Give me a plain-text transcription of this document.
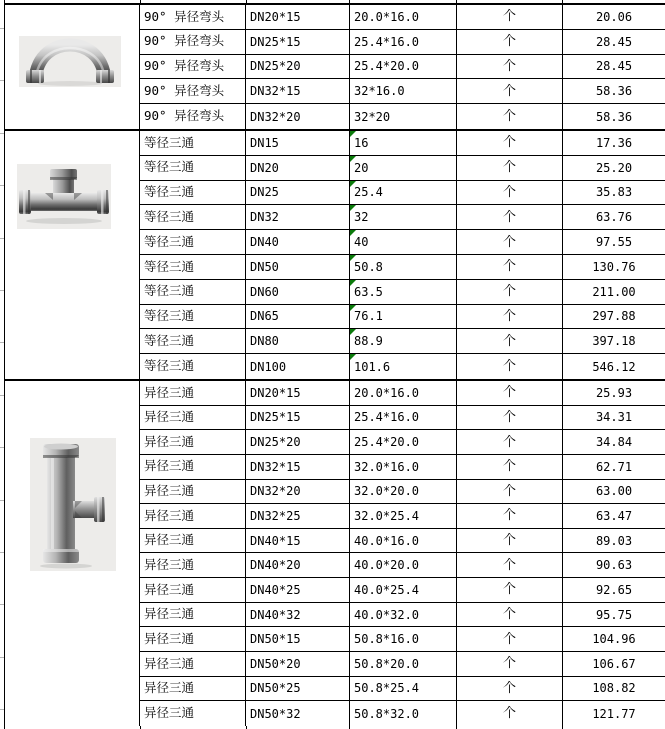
90° 异径弯头	DN20*15	20.0*16.0	个	20.06
90° 异径弯头	DN25*15	25.4*16.0	个	28.45
90° 异径弯头	DN25*20	25.4*20.0	个	28.45
90° 异径弯头	DN32*15	32*16.0	个	58.36
90° 异径弯头	DN32*20	32*20	个	58.36
等径三通	DN15	16	个	17.36
等径三通	DN20	20	个	25.20
等径三通	DN25	25.4	个	35.83
等径三通	DN32	32	个	63.76
等径三通	DN40	40	个	97.55
等径三通	DN50	50.8	个	130.76
等径三通	DN60	63.5	个	211.00
等径三通	DN65	76.1	个	297.88
等径三通	DN80	88.9	个	397.18
等径三通	DN100	101.6	个	546.12
异径三通	DN20*15	20.0*16.0	个	25.93
异径三通	DN25*15	25.4*16.0	个	34.31
异径三通	DN25*20	25.4*20.0	个	34.84
异径三通	DN32*15	32.0*16.0	个	62.71
异径三通	DN32*20	32.0*20.0	个	63.00
异径三通	DN32*25	32.0*25.4	个	63.47
异径三通	DN40*15	40.0*16.0	个	89.03
异径三通	DN40*20	40.0*20.0	个	90.63
异径三通	DN40*25	40.0*25.4	个	92.65
异径三通	DN40*32	40.0*32.0	个	95.75
异径三通	DN50*15	50.8*16.0	个	104.96
异径三通	DN50*20	50.8*20.0	个	106.67
异径三通	DN50*25	50.8*25.4	个	108.82
异径三通	DN50*32	50.8*32.0	个	121.77
